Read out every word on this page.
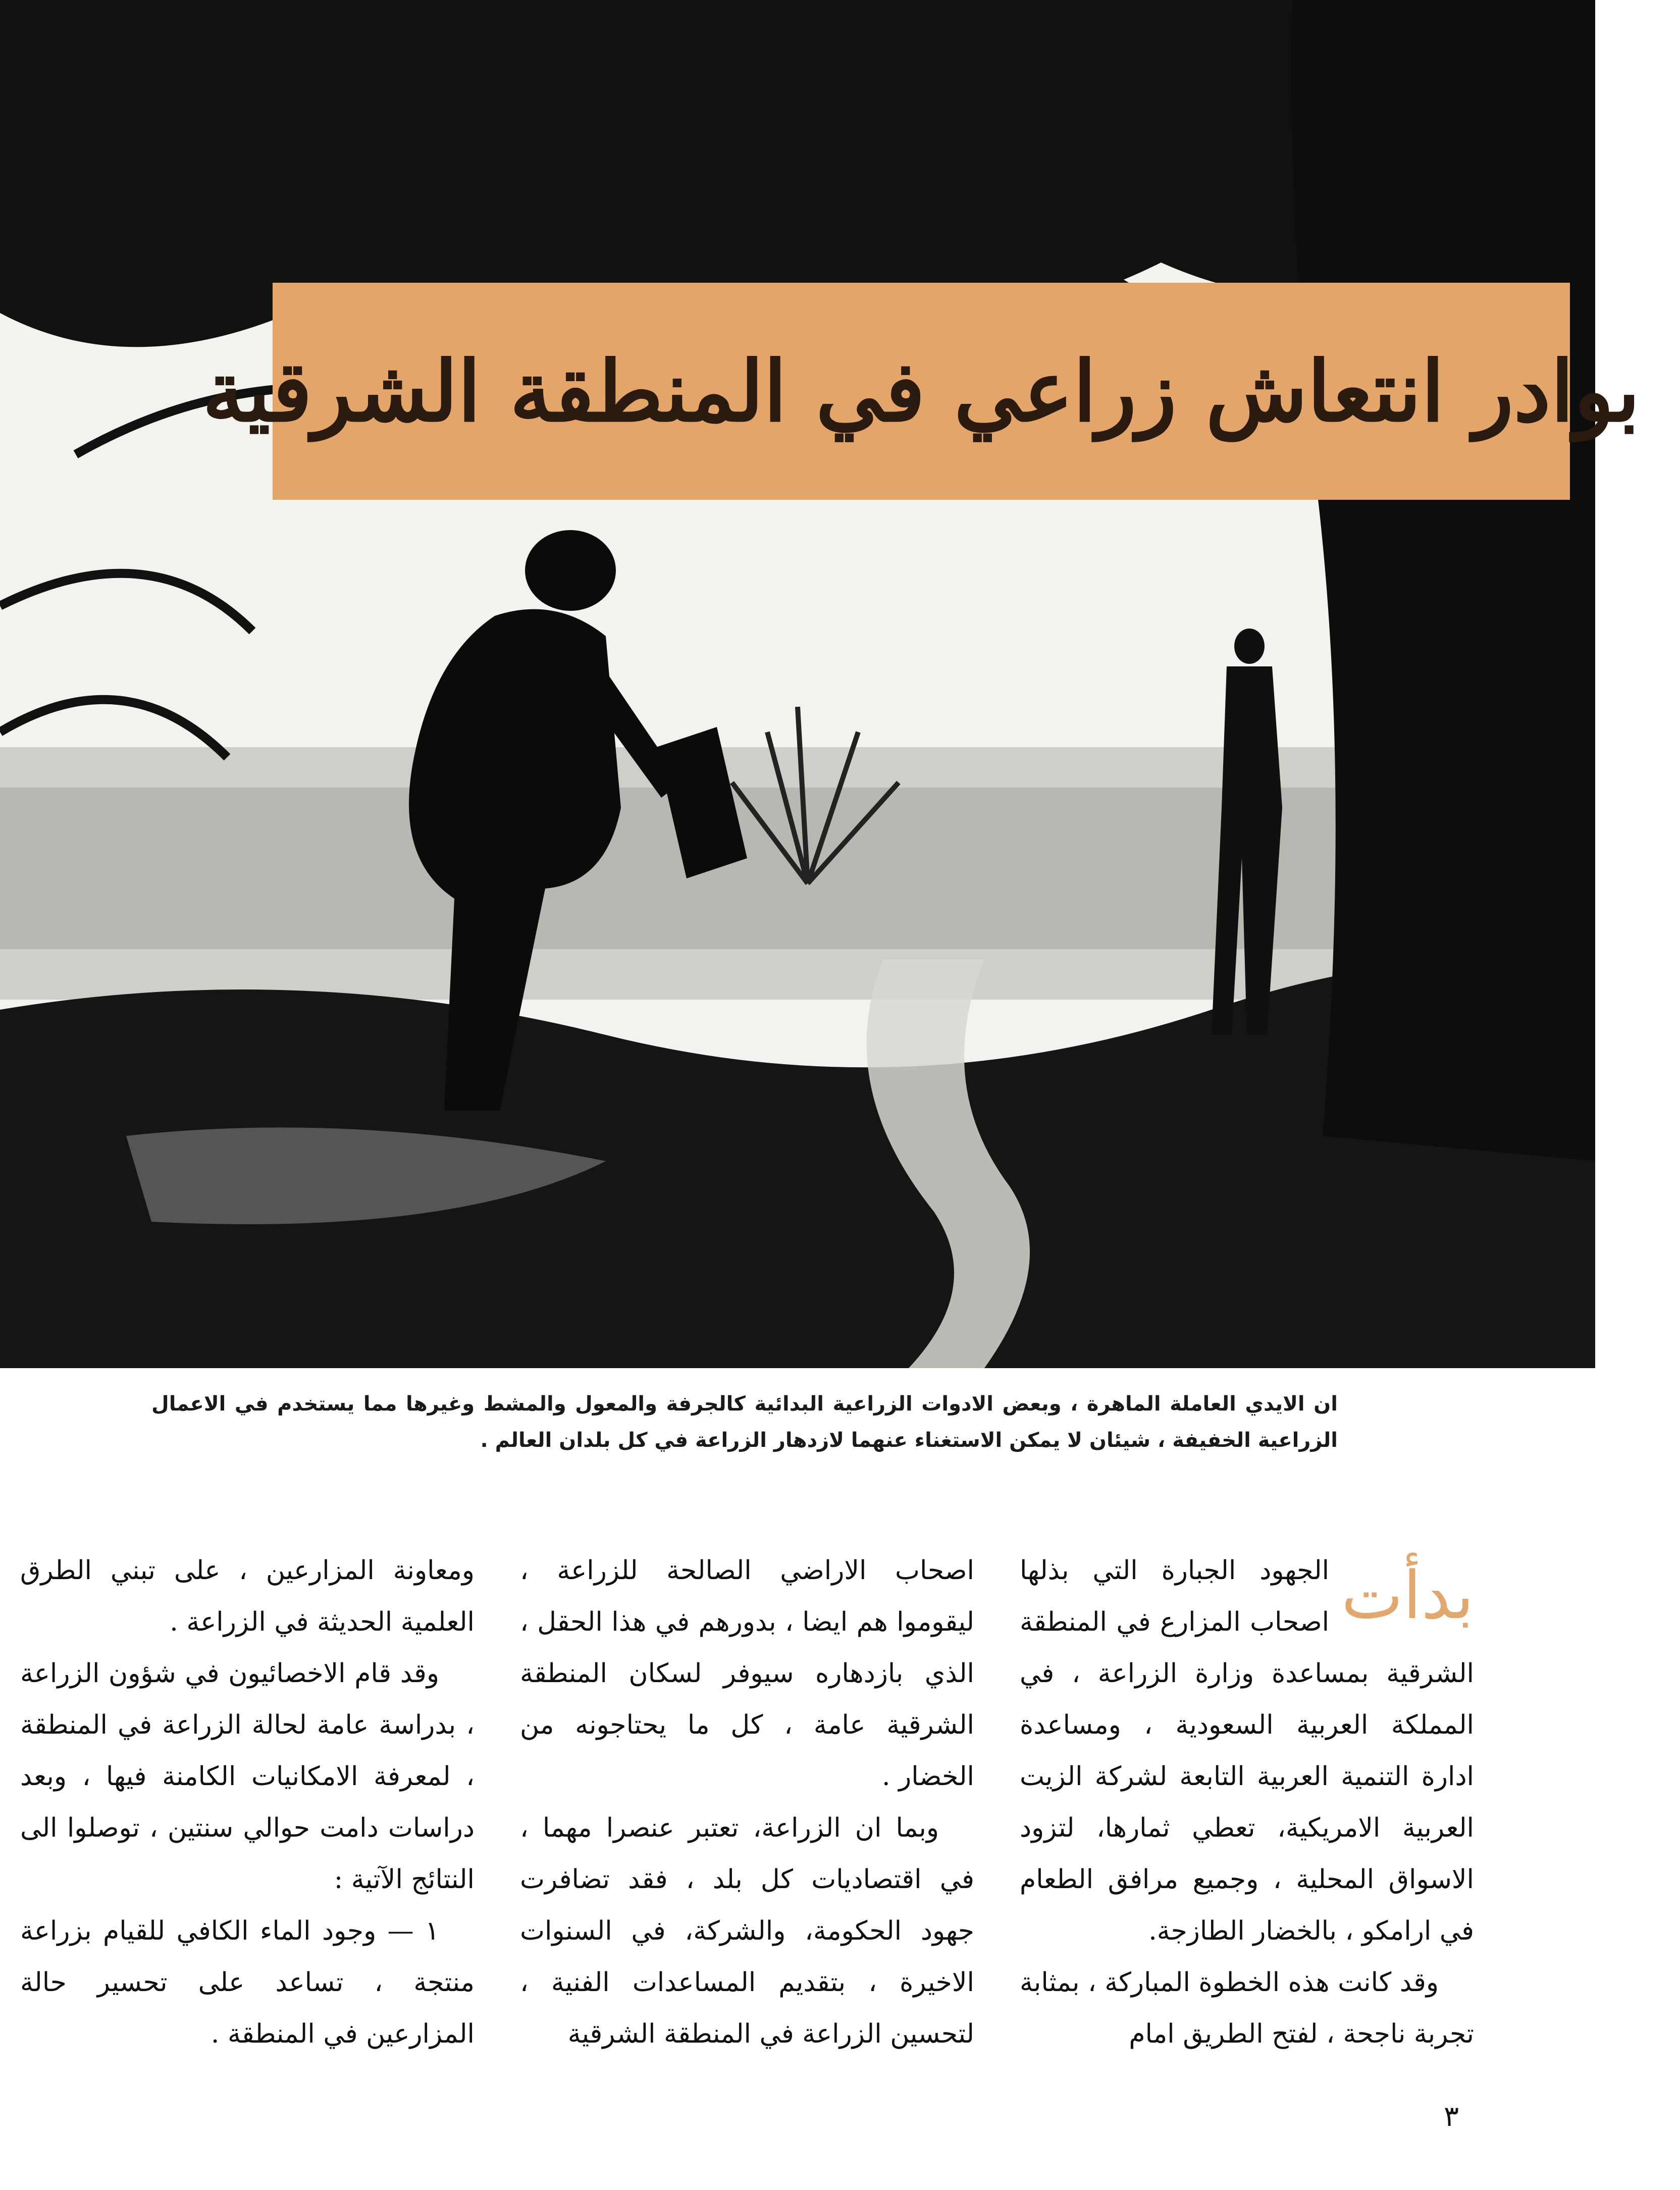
بوادر انتعاش زراعي في المنطقة الشرقية
ان الايدي العاملة الماهرة ، وبعض الادوات الزراعية البدائية كالجرفة والمعول والمشط وغيرها مما يستخدم في الاعمال الزراعية الخفيفة ، شيئان لا يمكن الاستغناء عنهما لازدهار الزراعة في كل بلدان العالم .
بدأت

الجهود الجبارة التي بذلها اصحاب المزارع في المنطقة الشرقية بمساعدة وزارة الزراعة ، في المملكة العربية السعودية ، ومساعدة ادارة التنمية العربية التابعة لشركة الزيت العربية الامريكية، تعطي ثمارها، لتزود الاسواق المحلية ، وجميع مرافق الطعام في ارامكو ، بالخضار الطازجة.

وقد كانت هذه الخطوة المباركة ، بمثابة تجربة ناجحة ، لفتح الطريق امام

اصحاب الاراضي الصالحة للزراعة ، ليقوموا هم ايضا ، بدورهم في هذا الحقل ، الذي بازدهاره سيوفر لسكان المنطقة الشرقية عامة ، كل ما يحتاجونه من الخضار .

وبما ان الزراعة، تعتبر عنصرا مهما ، في اقتصاديات كل بلد ، فقد تضافرت جهود الحكومة، والشركة، في السنوات الاخيرة ، بتقديم المساعدات الفنية ، لتحسين الزراعة في المنطقة الشرقية

ومعاونة المزارعين ، على تبني الطرق العلمية الحديثة في الزراعة .

وقد قام الاخصائيون في شؤون الزراعة ، بدراسة عامة لحالة الزراعة في المنطقة ، لمعرفة الامكانيات الكامنة فيها ، وبعد دراسات دامت حوالي سنتين ، توصلوا الى النتائج الآتية :

١ — وجود الماء الكافي للقيام بزراعة منتجة ، تساعد على تحسير حالة المزارعين في المنطقة .

٣
